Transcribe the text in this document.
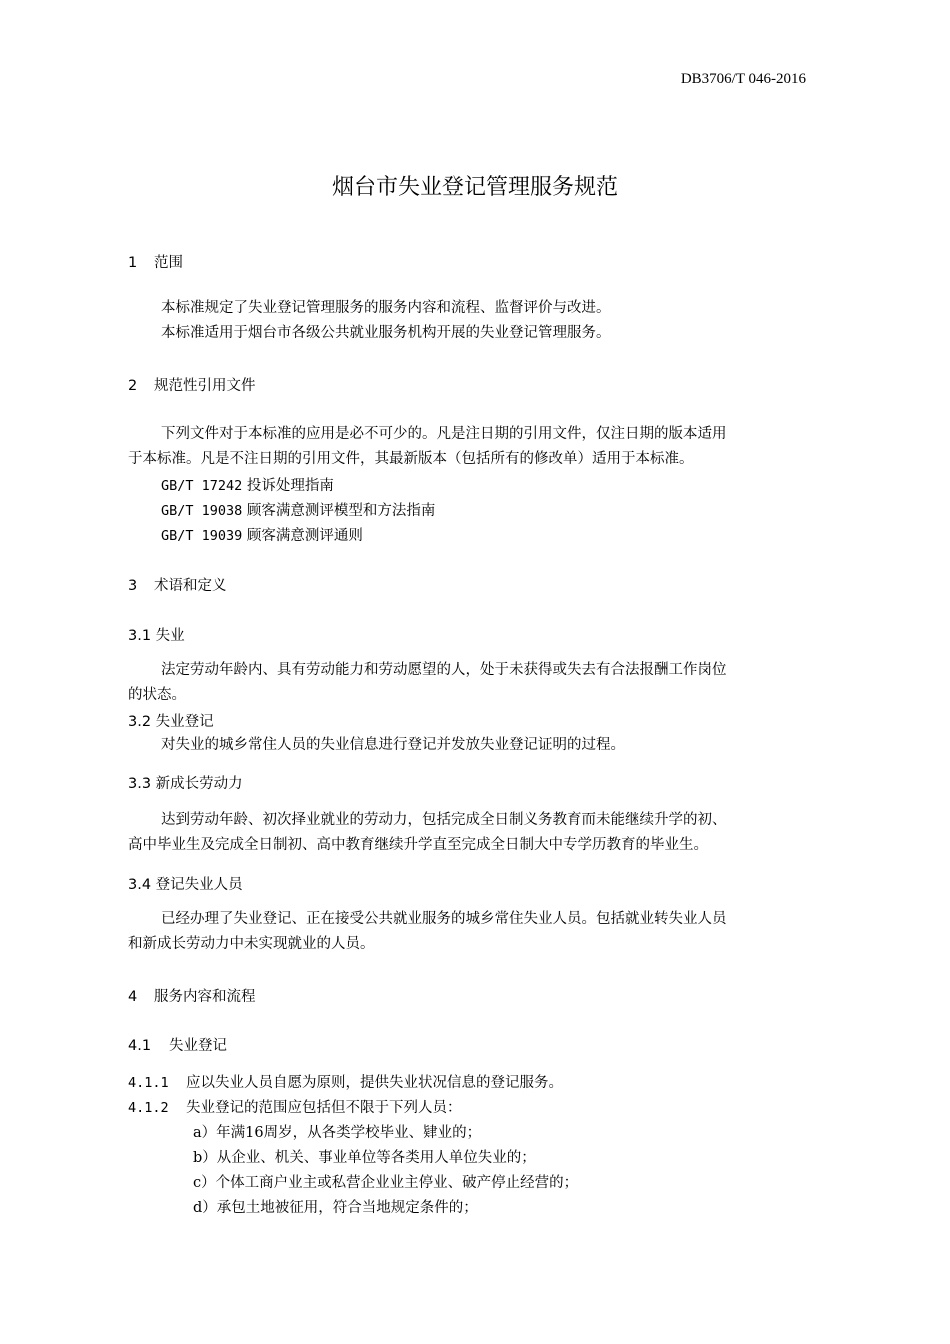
DB3706/T 046-2016
烟台市失业登记管理服务规范
1 范围
本标准规定了失业登记管理服务的服务内容和流程、监督评价与改进。
本标准适用于烟台市各级公共就业服务机构开展的失业登记管理服务。
2 规范性引用文件
下列文件对于本标准的应用是必不可少的。凡是注日期的引用文件，仅注日期的版本适用
于本标准。凡是不注日期的引用文件，其最新版本（包括所有的修改单）适用于本标准。
GB/T 17242 投诉处理指南
GB/T 19038 顾客满意测评模型和方法指南
GB/T 19039 顾客满意测评通则
3 术语和定义
3.1 失业
法定劳动年龄内、具有劳动能力和劳动愿望的人，处于未获得或失去有合法报酬工作岗位
的状态。
3.2 失业登记
对失业的城乡常住人员的失业信息进行登记并发放失业登记证明的过程。
3.3 新成长劳动力
达到劳动年龄、初次择业就业的劳动力，包括完成全日制义务教育而未能继续升学的初、
高中毕业生及完成全日制初、高中教育继续升学直至完成全日制大中专学历教育的毕业生。
3.4 登记失业人员
已经办理了失业登记、正在接受公共就业服务的城乡常住失业人员。包括就业转失业人员
和新成长劳动力中未实现就业的人员。
4 服务内容和流程
4.1 失业登记
4.1.1 应以失业人员自愿为原则，提供失业状况信息的登记服务。
4.1.2 失业登记的范围应包括但不限于下列人员：
a）年满16周岁，从各类学校毕业、肄业的；
b）从企业、机关、事业单位等各类用人单位失业的；
c）个体工商户业主或私营企业业主停业、破产停止经营的；
d）承包土地被征用，符合当地规定条件的；
